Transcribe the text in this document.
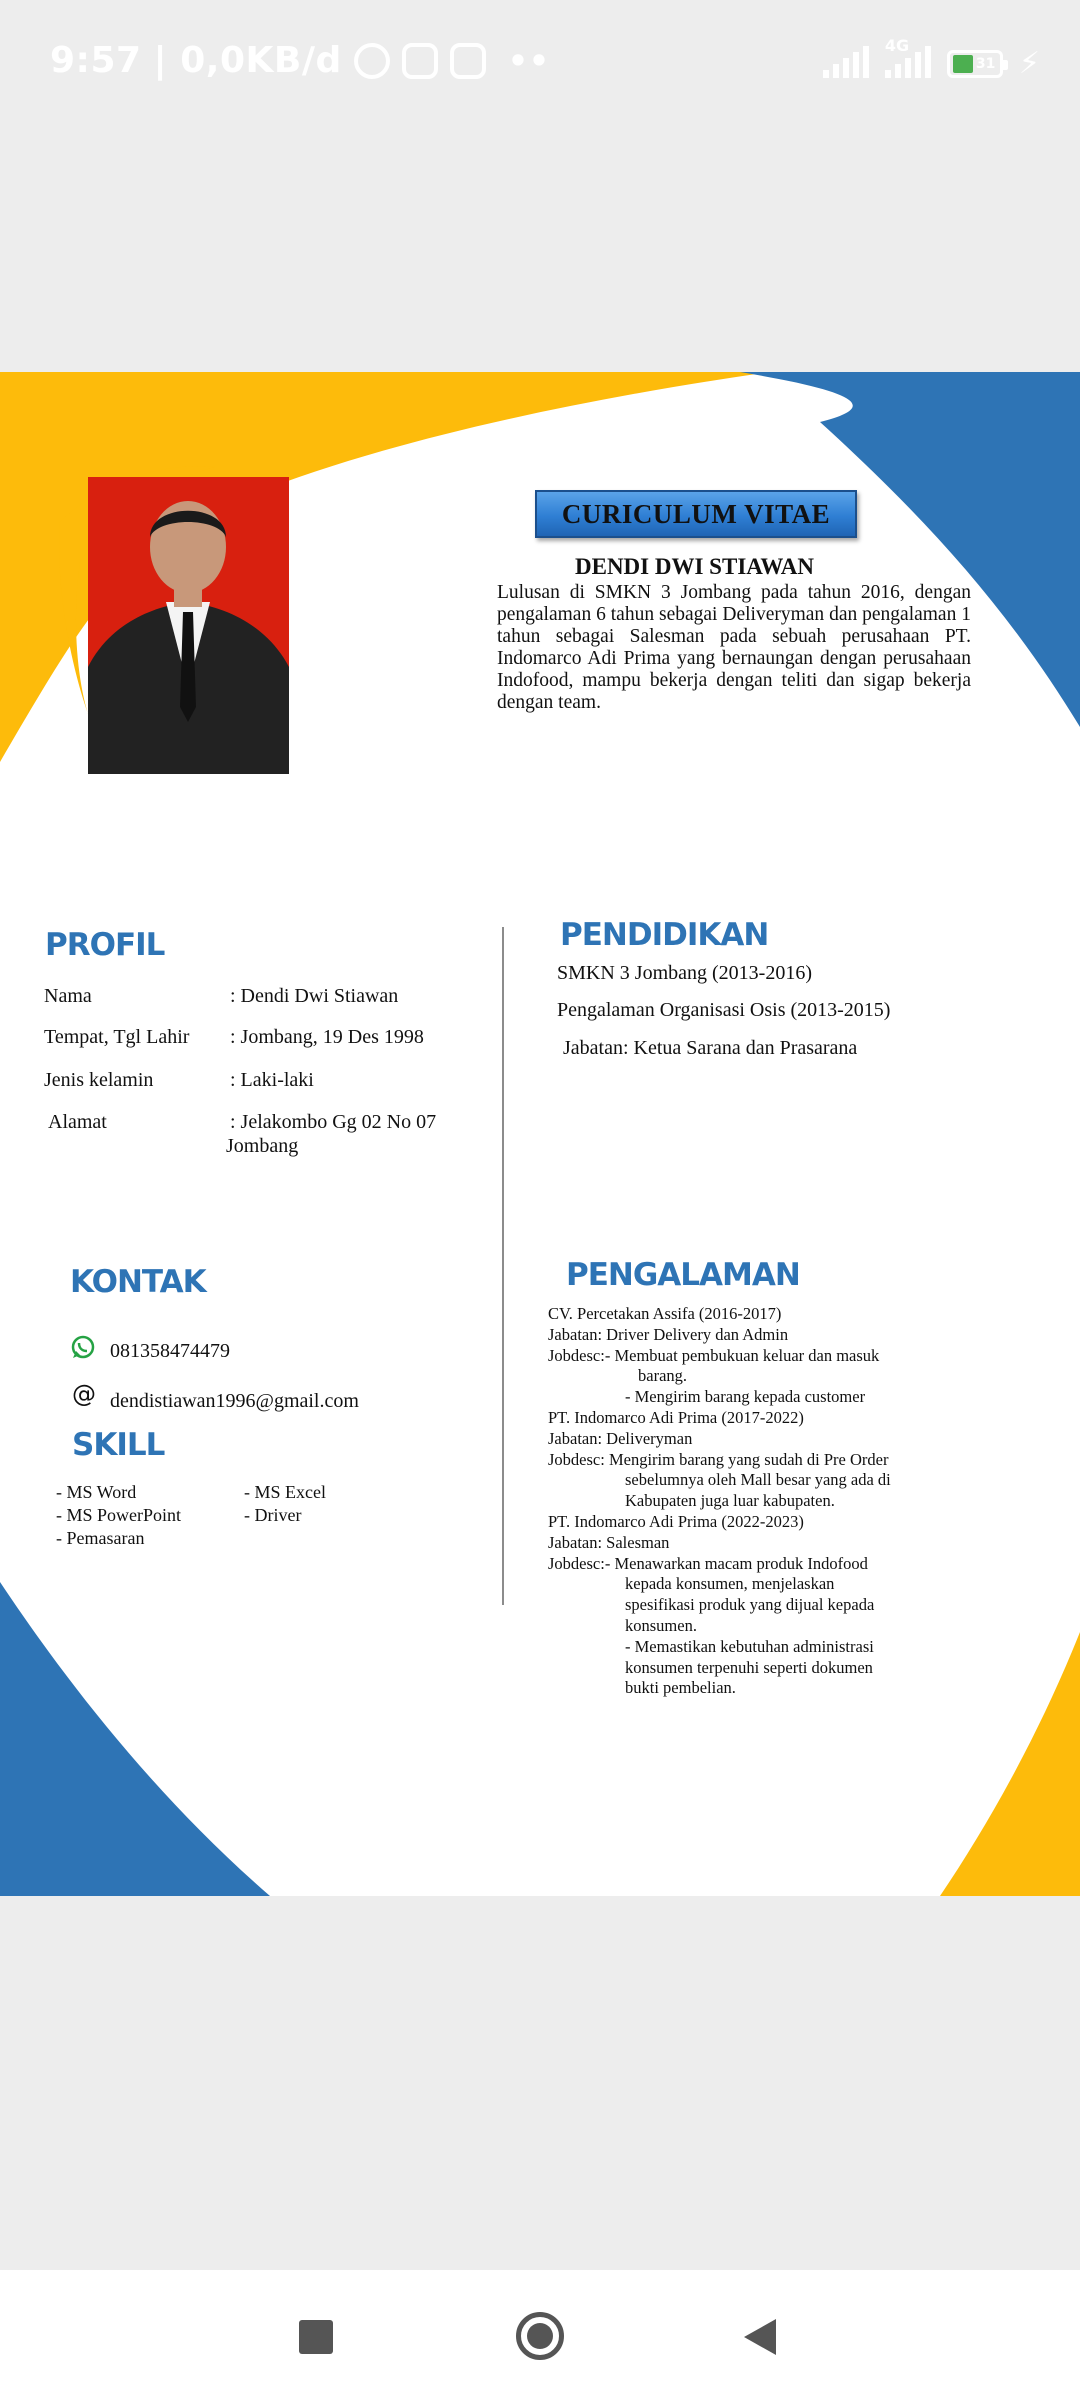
9:57 | 0,0KB/d	••	4G
31 ⚡
CURICULUM VITAE
DENDI DWI STIAWAN
Lulusan di SMKN 3 Jombang pada tahun 2016, dengan pengalaman 6 tahun sebagai Deliveryman dan pengalaman 1 tahun sebagai Salesman pada sebuah perusahaan PT. Indomarco Adi Prima yang bernaungan dengan perusahaan Indofood, mampu bekerja dengan teliti dan sigap bekerja dengan team.
PROFIL
Nama	: Dendi Dwi Stiawan
Tempat, Tgl Lahir : Jombang, 19 Des 1998
Jenis kelamin	: Laki-laki
Alamat	: Jelakombo Gg 02 No 07
Jombang
PENDIDIKAN
SMKN 3 Jombang (2013-2016)
Pengalaman Organisasi Osis (2013-2015)
Jabatan: Ketua Sarana dan Prasarana
KONTAK
081358474479
@ dendistiawan1996@gmail.com
SKILL
- MS Word	- MS Excel
- MS PowerPoint	- Driver
- Pemasaran
PENGALAMAN
CV. Percetakan Assifa (2016-2017)
Jabatan: Driver Delivery dan Admin
Jobdesc:- Membuat pembukuan keluar dan masuk
barang.
- Mengirim barang kepada customer
PT. Indomarco Adi Prima (2017-2022)
Jabatan: Deliveryman
Jobdesc: Mengirim barang yang sudah di Pre Order
sebelumnya oleh Mall besar yang ada di
Kabupaten juga luar kabupaten.
PT. Indomarco Adi Prima (2022-2023)
Jabatan: Salesman
Jobdesc:- Menawarkan macam produk Indofood
kepada konsumen, menjelaskan
spesifikasi produk yang dijual kepada
konsumen.
- Memastikan kebutuhan administrasi
konsumen terpenuhi seperti dokumen
bukti pembelian.
